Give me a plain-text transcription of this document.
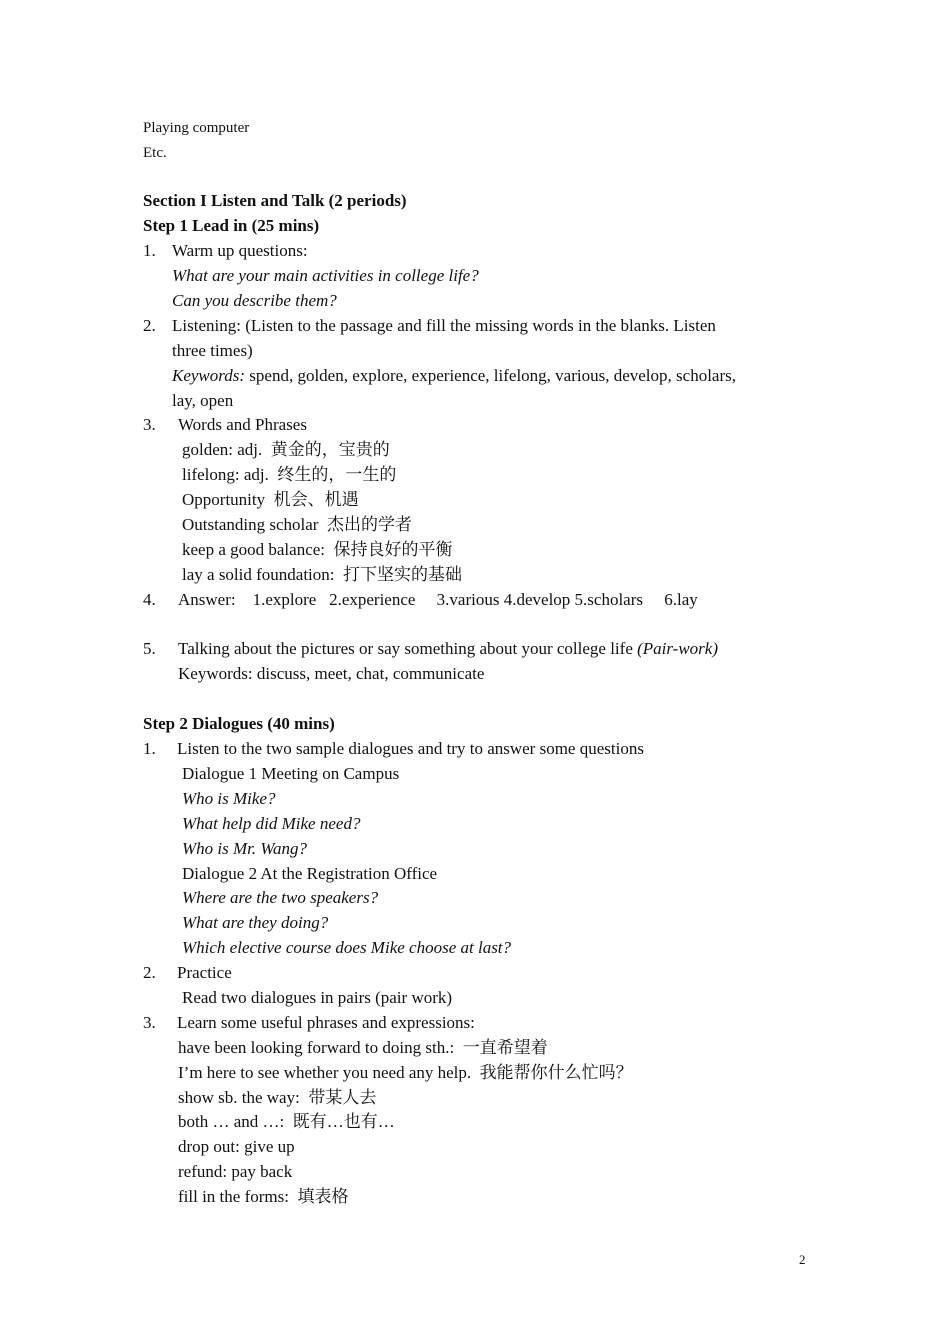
Playing computer
Etc.
Section I Listen and Talk (2 periods)
Step 1 Lead in (25 mins)
1. Warm up questions:
What are your main activities in college life?
Can you describe them?
2. Listening: (Listen to the passage and fill the missing words in the blanks. Listen
three times)
Keywords: spend, golden, explore, experience, lifelong, various, develop, scholars,
lay, open
3. Words and Phrases
golden: adj.  黄金的，宝贵的
lifelong: adj.  终生的，一生的
Opportunity  机会、机遇
Outstanding scholar  杰出的学者
keep a good balance:  保持良好的平衡
lay a solid foundation:  打下坚实的基础
4. Answer:    1.explore   2.experience     3.various 4.develop 5.scholars     6.lay
5. Talking about the pictures or say something about your college life (Pair-work)
Keywords: discuss, meet, chat, communicate
Step 2 Dialogues (40 mins)
1. Listen to the two sample dialogues and try to answer some questions
Dialogue 1 Meeting on Campus
Who is Mike?
What help did Mike need?
Who is Mr. Wang?
Dialogue 2 At the Registration Office
Where are the two speakers?
What are they doing?
Which elective course does Mike choose at last?
2. Practice
Read two dialogues in pairs (pair work)
3. Learn some useful phrases and expressions:
have been looking forward to doing sth.:  一直希望着
I’m here to see whether you need any help.  我能帮你什么忙吗？
show sb. the way:  带某人去
both … and …:  既有…也有…
drop out: give up
refund: pay back
fill in the forms:  填表格
2
